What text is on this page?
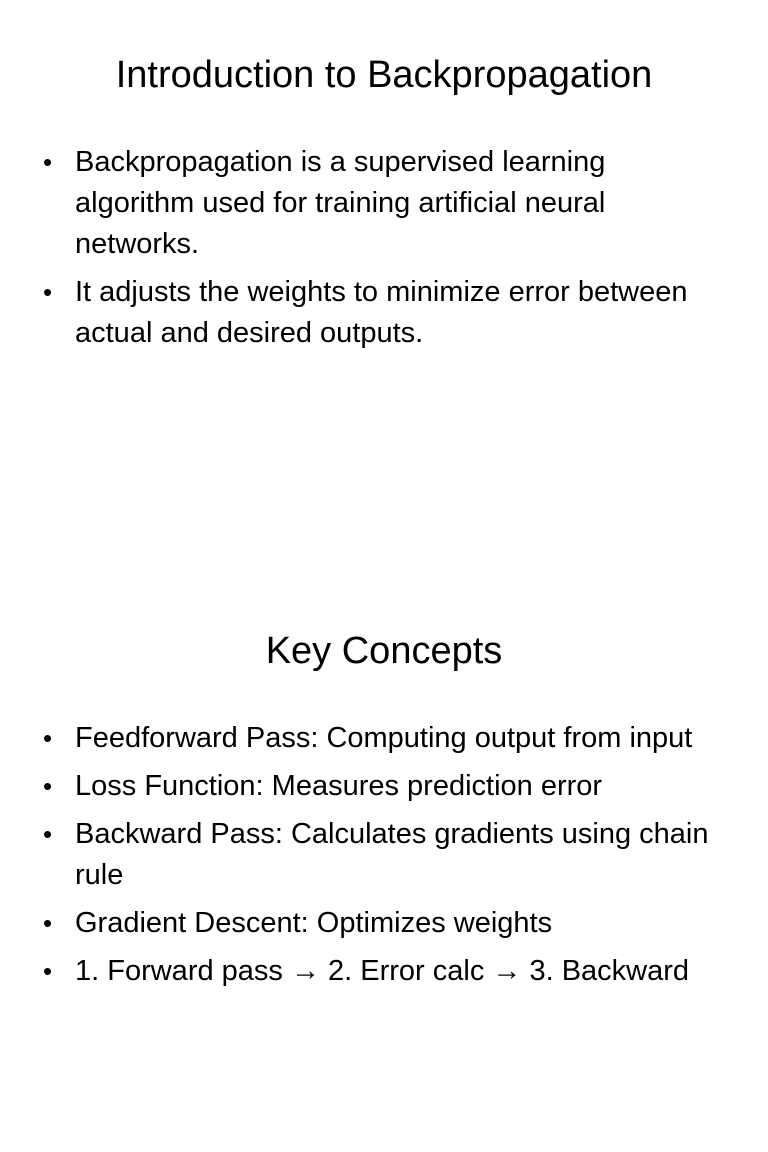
Introduction to Backpropagation
• Backpropagation is a supervised learning algorithm used for training artificial neural networks.
• It adjusts the weights to minimize error between actual and desired outputs.
Key Concepts
• Feedforward Pass: Computing output from input
• Loss Function: Measures prediction error
• Backward Pass: Calculates gradients using chain rule
• Gradient Descent: Optimizes weights
• 1. Forward pass → 2. Error calc → 3. Backward
